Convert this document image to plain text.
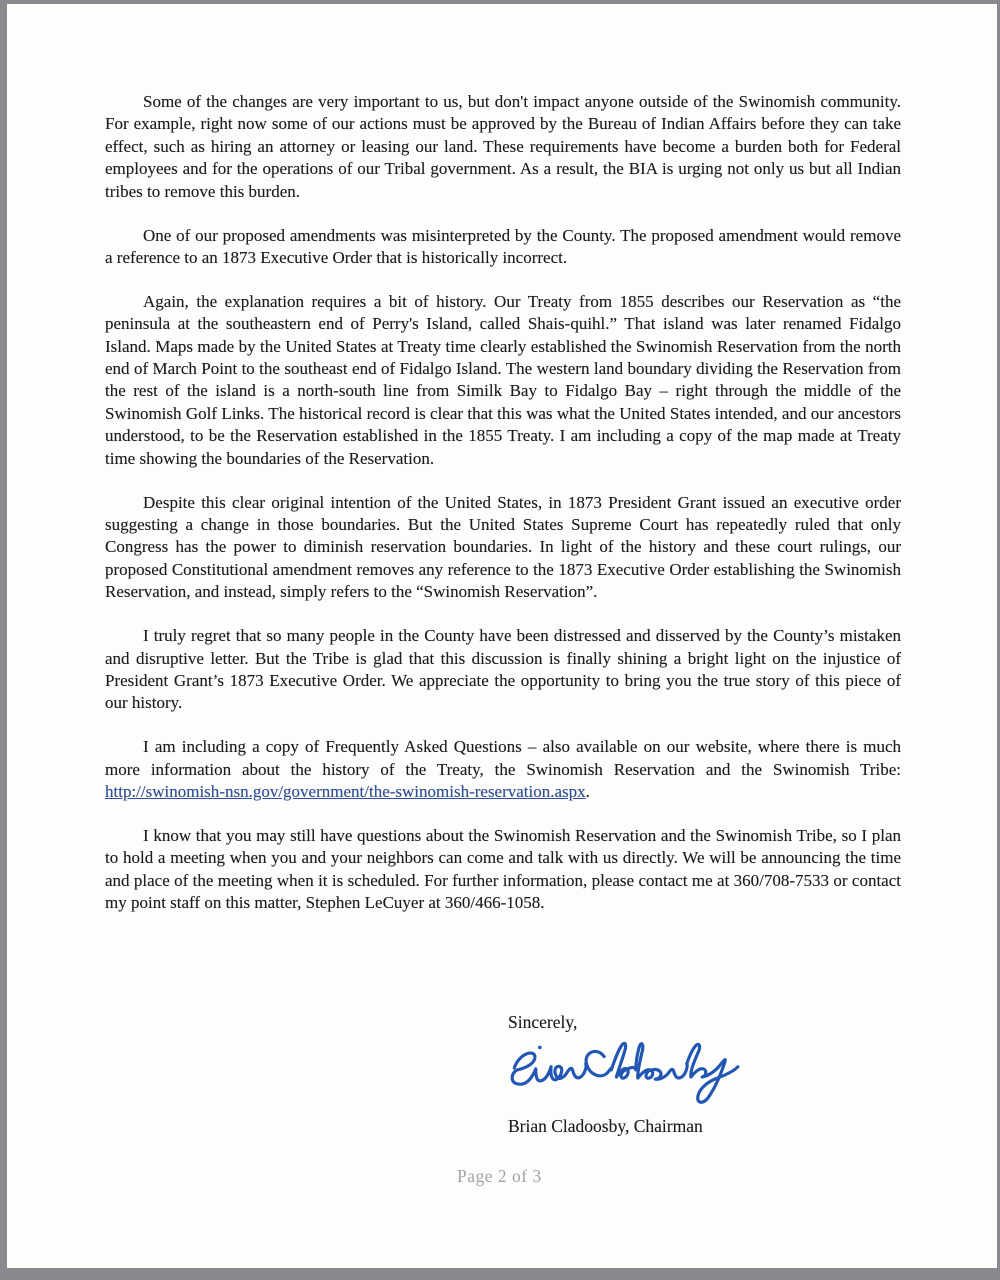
Some of the changes are very important to us, but don't impact anyone outside of the Swinomish community. For example, right now some of our actions must be approved by the Bureau of Indian Affairs before they can take effect, such as hiring an attorney or leasing our land. These requirements have become a burden both for Federal employees and for the operations of our Tribal government. As a result, the BIA is urging not only us but all Indian tribes to remove this burden.

One of our proposed amendments was misinterpreted by the County. The proposed amendment would remove a reference to an 1873 Executive Order that is historically incorrect.

Again, the explanation requires a bit of history. Our Treaty from 1855 describes our Reservation as “the peninsula at the southeastern end of Perry's Island, called Shais-quihl.” That island was later renamed Fidalgo Island. Maps made by the United States at Treaty time clearly established the Swinomish Reservation from the north end of March Point to the southeast end of Fidalgo Island. The western land boundary dividing the Reservation from the rest of the island is a north-south line from Similk Bay to Fidalgo Bay – right through the middle of the Swinomish Golf Links. The historical record is clear that this was what the United States intended, and our ancestors understood, to be the Reservation established in the 1855 Treaty. I am including a copy of the map made at Treaty time showing the boundaries of the Reservation.

Despite this clear original intention of the United States, in 1873 President Grant issued an executive order suggesting a change in those boundaries. But the United States Supreme Court has repeatedly ruled that only Congress has the power to diminish reservation boundaries. In light of the history and these court rulings, our proposed Constitutional amendment removes any reference to the 1873 Executive Order establishing the Swinomish Reservation, and instead, simply refers to the “Swinomish Reservation”.

I truly regret that so many people in the County have been distressed and disserved by the County’s mistaken and disruptive letter. But the Tribe is glad that this discussion is finally shining a bright light on the injustice of President Grant’s 1873 Executive Order. We appreciate the opportunity to bring you the true story of this piece of our history.

I am including a copy of Frequently Asked Questions – also available on our website, where there is much more information about the history of the Treaty, the Swinomish Reservation and the Swinomish Tribe: http://swinomish-nsn.gov/government/the-swinomish-reservation.aspx.

I know that you may still have questions about the Swinomish Reservation and the Swinomish Tribe, so I plan to hold a meeting when you and your neighbors can come and talk with us directly. We will be announcing the time and place of the meeting when it is scheduled. For further information, please contact me at 360/708-7533 or contact my point staff on this matter, Stephen LeCuyer at 360/466-1058.

Sincerely,
Brian Cladoosby, Chairman
Page 2 of 3
